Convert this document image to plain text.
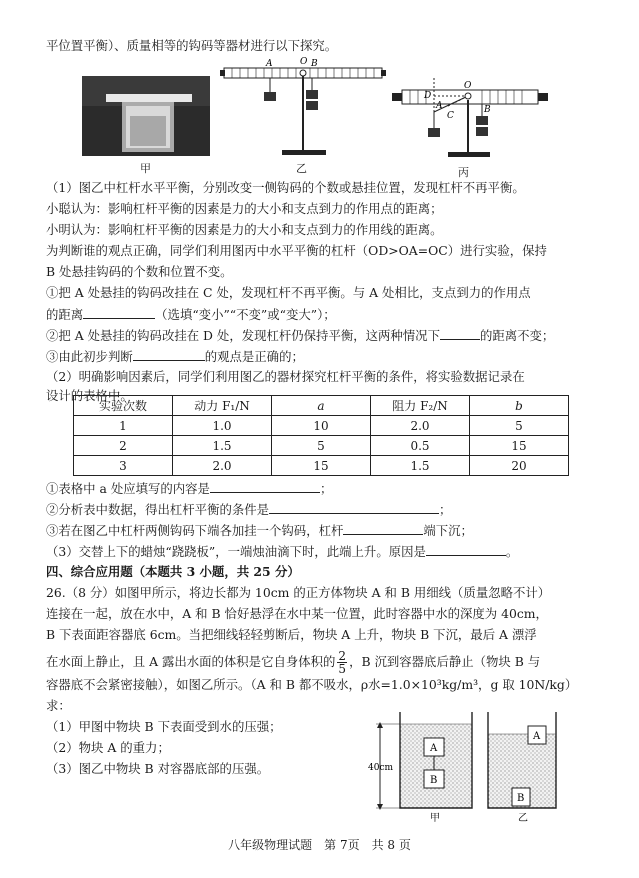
平位置平衡）、质量相等的钩码等器材进行以下探究。
甲
A	O B
乙
D
O
A
C
B
丙
（1）图乙中杠杆水平平衡，分别改变一侧钩码的个数或悬挂位置，发现杠杆不再平衡。
小聪认为：影响杠杆平衡的因素是力的大小和支点到力的作用点的距离；
小明认为：影响杠杆平衡的因素是力的大小和支点到力的作用线的距离。
为判断谁的观点正确，同学们利用图丙中水平平衡的杠杆（OD>OA=OC）进行实验，保持
B 处悬挂钩码的个数和位置不变。
①把 A 处悬挂的钩码改挂在 C 处，发现杠杆不再平衡。与 A 处相比，支点到力的作用点
的距离	（选填“变小”“不变”或“变大”）；
②把 A 处悬挂的钩码改挂在 D 处，发现杠杆仍保持平衡，这两种情况下	的距离不变；
③由此初步判断	的观点是正确的；
（2）明确影响因素后，同学们利用图乙的器材探究杠杆平衡的条件，将实验数据记录在
设计的表格中。
实验次数	动力 F₁/N	a	阻力 F₂/N	b
1	1.0	10	2.0	5
2	1.5	5	0.5	15
3	2.0	15	1.5	20
①表格中 a 处应填写的内容是	；
②分析表中数据，得出杠杆平衡的条件是	；
③若在图乙中杠杆两侧钩码下端各加挂一个钩码，杠杆	端下沉；
（3）交替上下的蜡烛“跷跷板”，一端烛油滴下时，此端上升。原因是	。
四、综合应用题（本题共 3 小题，共 25 分）
26.（8 分）如图甲所示，将边长都为 10cm 的正方体物块 A 和 B 用细线（质量忽略不计）
连接在一起，放在水中，A 和 B 恰好悬浮在水中某一位置，此时容器中水的深度为 40cm，
B 下表面距容器底 6cm。当把细线轻轻剪断后，物块 A 上升，物块 B 下沉，最后 A 漂浮
在水面上静止，且 A 露出水面的体积是它自身体积的 $\frac{2}{5}$ ，B 沉到容器底后静止（物块 B 与
容器底不会紧密接触），如图乙所示。（A 和 B 都不吸水，ρ水=1.0×10³kg/m³，g 取 10N/kg）
求：
（1）甲图中物块 B 下表面受到水的压强；
（2）物块 A 的重力；
（3）图乙中物块 B 对容器底部的压强。
A
B
40cm
甲
A
B
乙
八年级物理试题　第 7页　共 8 页
